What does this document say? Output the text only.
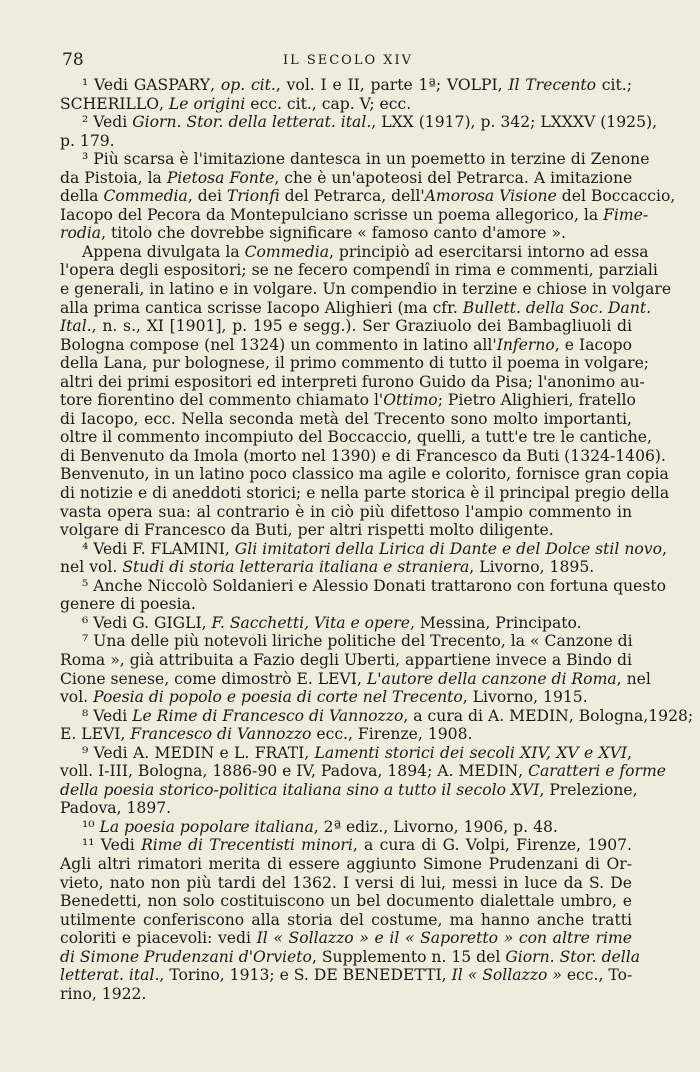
78	IL SECOLO XIV
¹ Vedi GASPARY, op. cit., vol. I e II, parte 1ª; VOLPI, Il Trecento cit.;
SCHERILLO, Le origini ecc. cit., cap. V; ecc.
² Vedi Giorn. Stor. della letterat. ital., LXX (1917), p. 342; LXXXV (1925),
p. 179.
³ Più scarsa è l'imitazione dantesca in un poemetto in terzine di Zenone
da Pistoia, la Pietosa Fonte, che è un'apoteosi del Petrarca. A imitazione
della Commedia, dei Trionfi del Petrarca, dell'Amorosa Visione del Boccaccio,
Iacopo del Pecora da Montepulciano scrisse un poema allegorico, la Fime-
rodia, titolo che dovrebbe significare « famoso canto d'amore ».
Appena divulgata la Commedia, principiò ad esercitarsi intorno ad essa
l'opera degli espositori; se ne fecero compendî in rima e commenti, parziali
e generali, in latino e in volgare. Un compendio in terzine e chiose in volgare
alla prima cantica scrisse Iacopo Alighieri (ma cfr. Bullett. della Soc. Dant.
Ital., n. s., XI [1901], p. 195 e segg.). Ser Graziuolo dei Bambagliuoli di
Bologna compose (nel 1324) un commento in latino all'Inferno, e Iacopo
della Lana, pur bolognese, il primo commento di tutto il poema in volgare;
altri dei primi espositori ed interpreti furono Guido da Pisa; l'anonimo au-
tore fiorentino del commento chiamato l'Ottimo; Pietro Alighieri, fratello
di Iacopo, ecc. Nella seconda metà del Trecento sono molto importanti,
oltre il commento incompiuto del Boccaccio, quelli, a tutt'e tre le cantiche,
di Benvenuto da Imola (morto nel 1390) e di Francesco da Buti (1324-1406).
Benvenuto, in un latino poco classico ma agile e colorito, fornisce gran copia
di notizie e di aneddoti storici; e nella parte storica è il principal pregio della
vasta opera sua: al contrario è in ciò più difettoso l'ampio commento in
volgare di Francesco da Buti, per altri rispetti molto diligente.
⁴ Vedi F. FLAMINI, Gli imitatori della Lirica di Dante e del Dolce stil novo,
nel vol. Studi di storia letteraria italiana e straniera, Livorno, 1895.
⁵ Anche Niccolò Soldanieri e Alessio Donati trattarono con fortuna questo
genere di poesia.
⁶ Vedi G. GIGLI, F. Sacchetti, Vita e opere, Messina, Principato.
⁷ Una delle più notevoli liriche politiche del Trecento, la « Canzone di
Roma », già attribuita a Fazio degli Uberti, appartiene invece a Bindo di
Cione senese, come dimostrò E. LEVI, L'autore della canzone di Roma, nel
vol. Poesia di popolo e poesia di corte nel Trecento, Livorno, 1915.
⁸ Vedi Le Rime di Francesco di Vannozzo, a cura di A. MEDIN, Bologna,1928;
E. LEVI, Francesco di Vannozzo ecc., Firenze, 1908.
⁹ Vedi A. MEDIN e L. FRATI, Lamenti storici dei secoli XIV, XV e XVI,
voll. I-III, Bologna, 1886-90 e IV, Padova, 1894; A. MEDIN, Caratteri e forme
della poesia storico-politica italiana sino a tutto il secolo XVI, Prelezione,
Padova, 1897.
¹⁰ La poesia popolare italiana, 2ª ediz., Livorno, 1906, p. 48.
¹¹ Vedi Rime di Trecentisti minori, a cura di G. Volpi, Firenze, 1907.
Agli altri rimatori merita di essere aggiunto Simone Prudenzani di Or-
vieto, nato non più tardi del 1362. I versi di lui, messi in luce da S. De
Benedetti, non solo costituiscono un bel documento dialettale umbro, e
utilmente conferiscono alla storia del costume, ma hanno anche tratti
coloriti e piacevoli: vedi Il « Sollazzo » e il « Saporetto » con altre rime
di Simone Prudenzani d'Orvieto, Supplemento n. 15 del Giorn. Stor. della
letterat. ital., Torino, 1913; e S. DE BENEDETTI, Il « Sollazzo » ecc., To-
rino, 1922.
